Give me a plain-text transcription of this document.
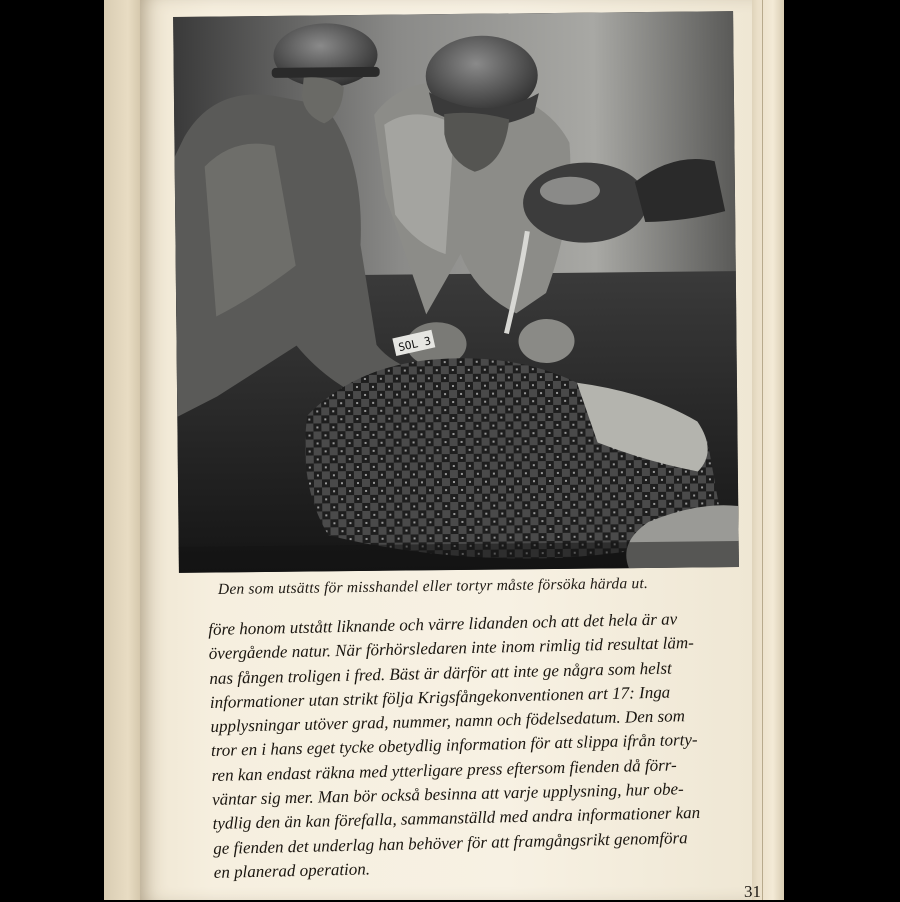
SOL 3
Den som utsätts för misshandel eller tortyr måste försöka härda ut.
före honom utstått liknande och värre lidanden och att det hela är av
övergående natur. När förhörsledaren inte inom rimlig tid resultat läm-
nas fången troligen i fred. Bäst är därför att inte ge några som helst
informationer utan strikt följa Krigsfångekonventionen art 17: Inga
upplysningar utöver grad, nummer, namn och födelsedatum. Den som
tror en i hans eget tycke obetydlig information för att slippa ifrån torty-
ren kan endast räkna med ytterligare press eftersom fienden då förr-
väntar sig mer. Man bör också besinna att varje upplysning, hur obe-
tydlig den än kan förefalla, sammanställd med andra informationer kan
ge fienden det underlag han behöver för att framgångsrikt genomföra
en planerad operation.
31
